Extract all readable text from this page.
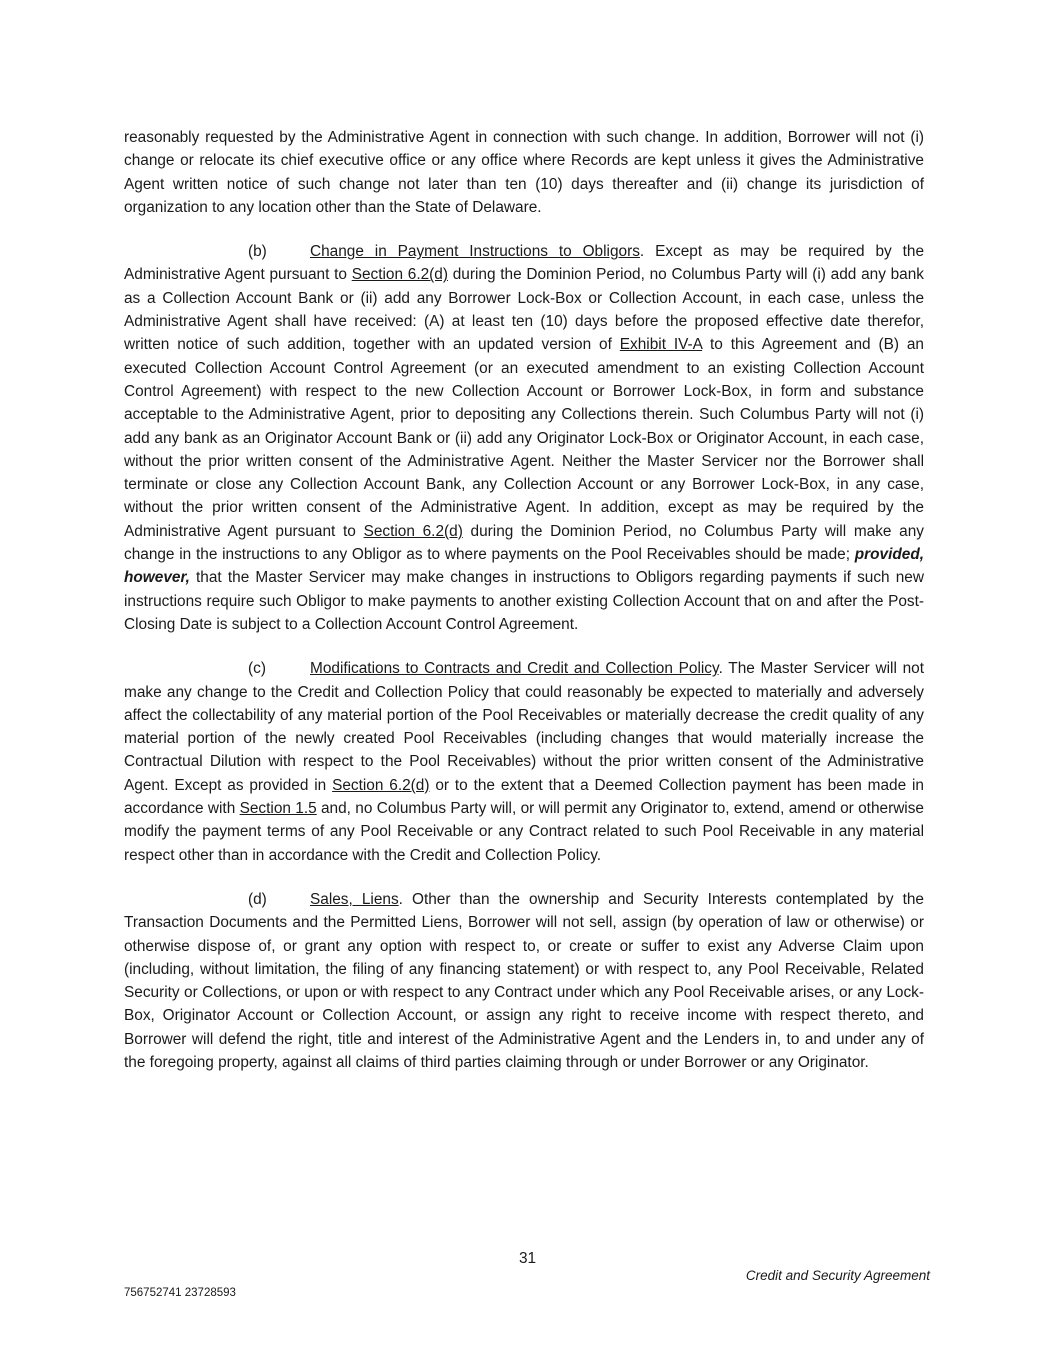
reasonably requested by the Administrative Agent in connection with such change. In addition, Borrower will not (i) change or relocate its chief executive office or any office where Records are kept unless it gives the Administrative Agent written notice of such change not later than ten (10) days thereafter and (ii) change its jurisdiction of organization to any location other than the State of Delaware.

(b)	Change in Payment Instructions to Obligors. Except as may be required by the Administrative Agent pursuant to Section 6.2(d) during the Dominion Period, no Columbus Party will (i) add any bank as a Collection Account Bank or (ii) add any Borrower Lock-Box or Collection Account, in each case, unless the Administrative Agent shall have received: (A) at least ten (10) days before the proposed effective date therefor, written notice of such addition, together with an updated version of Exhibit IV-A to this Agreement and (B) an executed Collection Account Control Agreement (or an executed amendment to an existing Collection Account Control Agreement) with respect to the new Collection Account or Borrower Lock-Box, in form and substance acceptable to the Administrative Agent, prior to depositing any Collections therein. Such Columbus Party will not (i) add any bank as an Originator Account Bank or (ii) add any Originator Lock-Box or Originator Account, in each case, without the prior written consent of the Administrative Agent. Neither the Master Servicer nor the Borrower shall terminate or close any Collection Account Bank, any Collection Account or any Borrower Lock-Box, in any case, without the prior written consent of the Administrative Agent. In addition, except as may be required by the Administrative Agent pursuant to Section 6.2(d) during the Dominion Period, no Columbus Party will make any change in the instructions to any Obligor as to where payments on the Pool Receivables should be made; provided, however, that the Master Servicer may make changes in instructions to Obligors regarding payments if such new instructions require such Obligor to make payments to another existing Collection Account that on and after the Post-Closing Date is subject to a Collection Account Control Agreement.

(c)	Modifications to Contracts and Credit and Collection Policy. The Master Servicer will not make any change to the Credit and Collection Policy that could reasonably be expected to materially and adversely affect the collectability of any material portion of the Pool Receivables or materially decrease the credit quality of any material portion of the newly created Pool Receivables (including changes that would materially increase the Contractual Dilution with respect to the Pool Receivables) without the prior written consent of the Administrative Agent. Except as provided in Section 6.2(d) or to the extent that a Deemed Collection payment has been made in accordance with Section 1.5 and, no Columbus Party will, or will permit any Originator to, extend, amend or otherwise modify the payment terms of any Pool Receivable or any Contract related to such Pool Receivable in any material respect other than in accordance with the Credit and Collection Policy.

(d)	Sales, Liens. Other than the ownership and Security Interests contemplated by the Transaction Documents and the Permitted Liens, Borrower will not sell, assign (by operation of law or otherwise) or otherwise dispose of, or grant any option with respect to, or create or suffer to exist any Adverse Claim upon (including, without limitation, the filing of any financing statement) or with respect to, any Pool Receivable, Related Security or Collections, or upon or with respect to any Contract under which any Pool Receivable arises, or any Lock-Box, Originator Account or Collection Account, or assign any right to receive income with respect thereto, and Borrower will defend the right, title and interest of the Administrative Agent and the Lenders in, to and under any of the foregoing property, against all claims of third parties claiming through or under Borrower or any Originator.

31
Credit and Security Agreement
756752741 23728593
